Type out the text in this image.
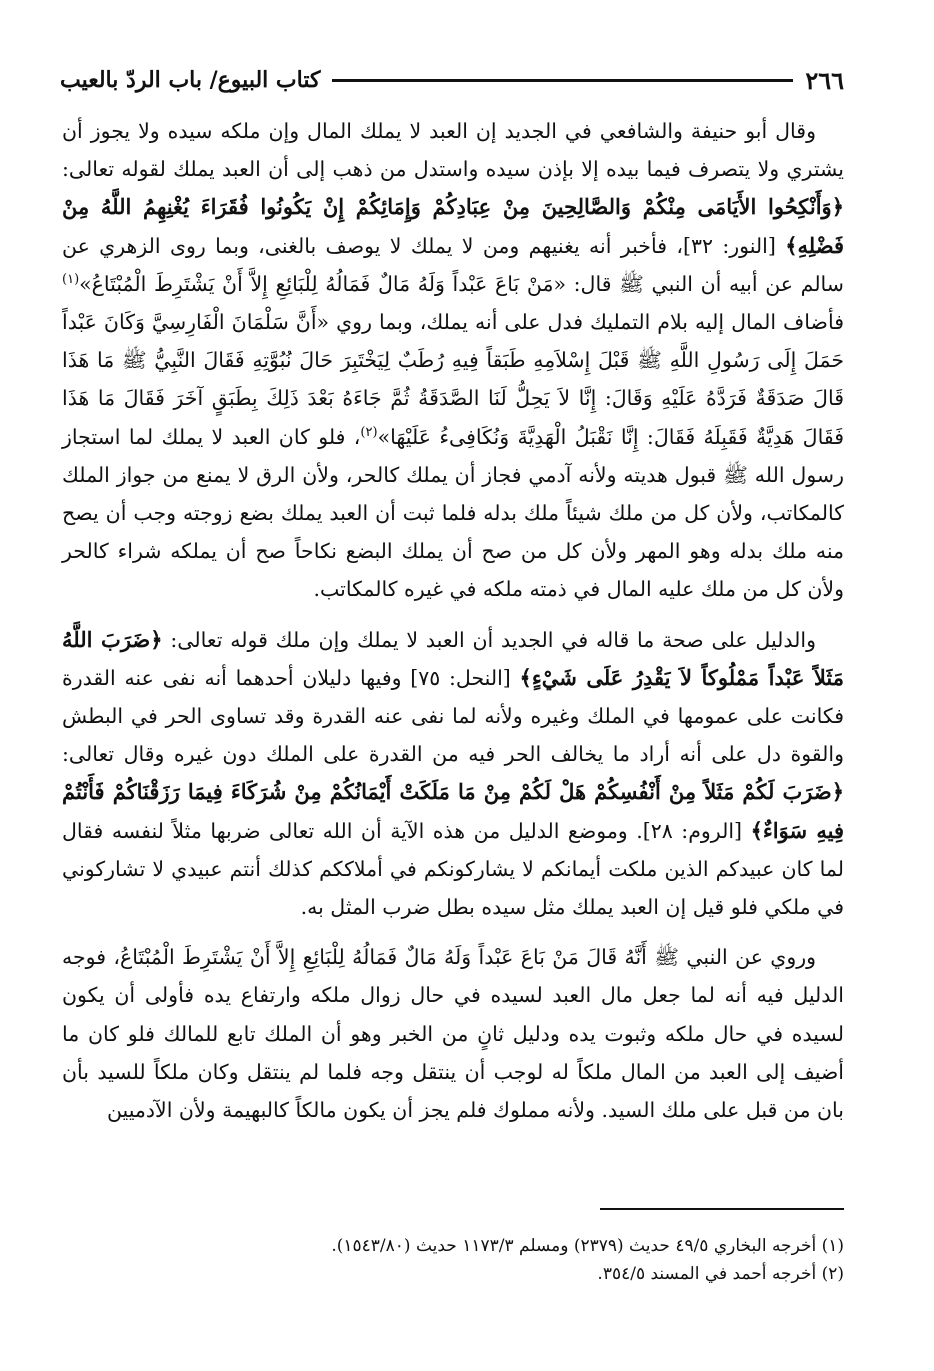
٢٦٦
كتاب البيوع/ باب الردّ بالعيب

وقال أبو حنيفة والشافعي في الجديد إن العبد لا يملك المال وإن ملكه سيده ولا يجوز أن يشتري ولا يتصرف فيما بيده إلا بإذن سيده واستدل من ذهب إلى أن العبد يملك لقوله تعالى: ﴿وَأَنْكِحُوا الأَيَامَى مِنْكُمْ وَالصَّالِحِينَ مِنْ عِبَادِكُمْ وَإِمَائِكُمْ إِنْ يَكُونُوا فُقَرَاءَ يُغْنِهِمُ اللَّهُ مِنْ فَضْلِهِ﴾ [النور: ٣٢]، فأخبر أنه يغنيهم ومن لا يملك لا يوصف بالغنى، وبما روى الزهري عن سالم عن أبيه أن النبي ﷺ قال: «مَنْ بَاعَ عَبْداً وَلَهُ مَالٌ فَمَالُهُ لِلْبَائِعِ إِلاَّ أَنْ يَشْتَرِطَ الْمُبْتَاعُ»$^{(١)}$ فأضاف المال إليه بلام التمليك فدل على أنه يملك، وبما روي «أَنَّ سَلْمَانَ الْفَارِسِيَّ وَكَانَ عَبْداً حَمَلَ إِلَى رَسُولِ اللَّهِ ﷺ قَبْلَ إِسْلاَمِهِ طَبَقاً فِيهِ رُطَبٌ لِيَخْتَبِرَ حَالَ نُبُوَّتِهِ فَقَالَ النَّبِيُّ ﷺ مَا هَذَا قَالَ صَدَقَةٌ فَرَدَّهُ عَلَيْهِ وَقَالَ: إِنَّا لاَ يَحِلُّ لَنَا الصَّدَقَةُ ثُمَّ جَاءَهُ بَعْدَ ذَلِكَ بِطَبَقٍ آخَرَ فَقَالَ مَا هَذَا فَقَالَ هَدِيَّةٌ فَقَبِلَهُ فَقَالَ: إِنَّا نَقْبَلُ الْهَدِيَّةَ وَنُكَافِىءُ عَلَيْهَا»$^{(٢)}$، فلو كان العبد لا يملك لما استجاز رسول الله ﷺ قبول هديته ولأنه آدمي فجاز أن يملك كالحر، ولأن الرق لا يمنع من جواز الملك كالمكاتب، ولأن كل من ملك شيئاً ملك بدله فلما ثبت أن العبد يملك بضع زوجته وجب أن يصح منه ملك بدله وهو المهر ولأن كل من صح أن يملك البضع نكاحاً صح أن يملكه شراء كالحر ولأن كل من ملك عليه المال في ذمته ملكه في غيره كالمكاتب.

والدليل على صحة ما قاله في الجديد أن العبد لا يملك وإن ملك قوله تعالى: ﴿ضَرَبَ اللَّهُ مَثَلاً عَبْداً مَمْلُوكاً لاَ يَقْدِرُ عَلَى شَيْءٍ﴾ [النحل: ٧٥] وفيها دليلان أحدهما أنه نفى عنه القدرة فكانت على عمومها في الملك وغيره ولأنه لما نفى عنه القدرة وقد تساوى الحر في البطش والقوة دل على أنه أراد ما يخالف الحر فيه من القدرة على الملك دون غيره وقال تعالى: ﴿ضَرَبَ لَكُمْ مَثَلاً مِنْ أَنْفُسِكُمْ هَلْ لَكُمْ مِنْ مَا مَلَكَتْ أَيْمَانُكُمْ مِنْ شُرَكَاءَ فِيمَا رَزَقْنَاكُمْ فَأَنْتُمْ فِيهِ سَوَاءٌ﴾ [الروم: ٢٨]. وموضع الدليل من هذه الآية أن الله تعالى ضربها مثلاً لنفسه فقال لما كان عبيدكم الذين ملكت أيمانكم لا يشاركونكم في أملاككم كذلك أنتم عبيدي لا تشاركوني في ملكي فلو قيل إن العبد يملك مثل سيده بطل ضرب المثل به.

وروي عن النبي ﷺ أَنَّهُ قَالَ مَنْ بَاعَ عَبْداً وَلَهُ مَالٌ فَمَالُهُ لِلْبَائِعِ إِلاَّ أَنْ يَشْتَرِطَ الْمُبْتَاعُ، فوجه الدليل فيه أنه لما جعل مال العبد لسيده في حال زوال ملكه وارتفاع يده فأولى أن يكون لسيده في حال ملكه وثبوت يده ودليل ثانٍ من الخبر وهو أن الملك تابع للمالك فلو كان ما أضيف إلى العبد من المال ملكاً له لوجب أن ينتقل وجه فلما لم ينتقل وكان ملكاً للسيد بأن بان من قبل على ملك السيد. ولأنه مملوك فلم يجز أن يكون مالكاً كالبهيمة ولأن الآدميين

(١) أخرجه البخاري ٤٩/٥ حديث (٢٣٧٩) ومسلم ١١٧٣/٣ حديث (١٥٤٣/٨٠).

(٢) أخرجه أحمد في المسند ٣٥٤/٥.
